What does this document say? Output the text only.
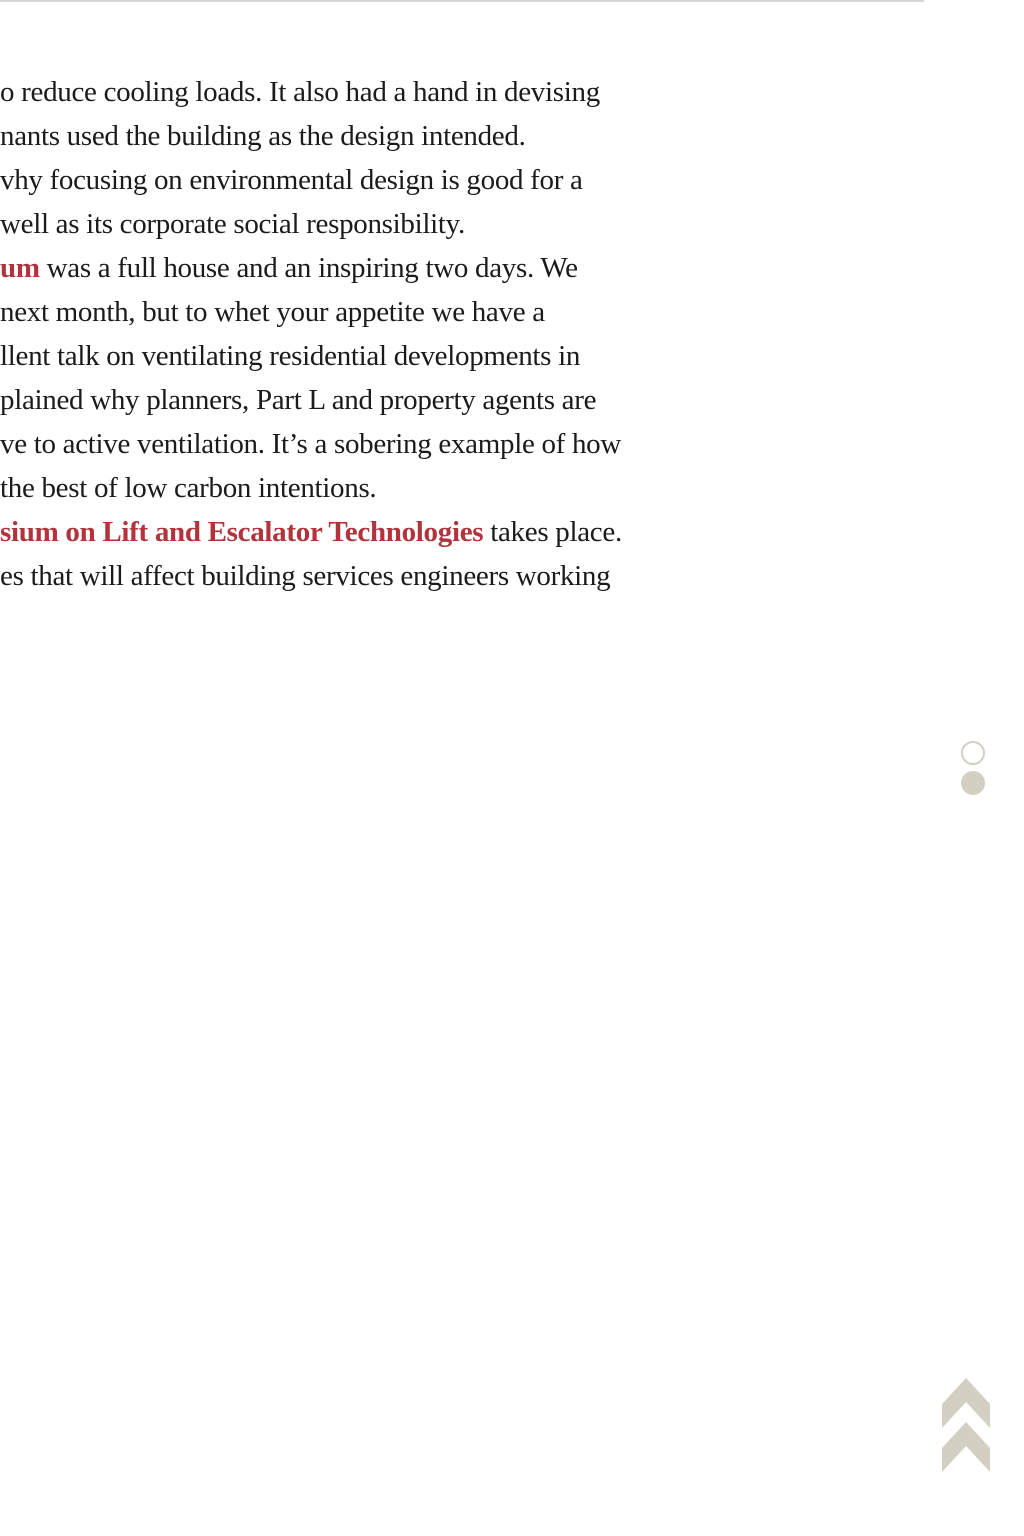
o reduce cooling loads. It also had a hand in devising
nants used the building as the design intended.
vhy focusing on environmental design is good for a
well as its corporate social responsibility.
um was a full house and an inspiring two days. We
next month, but to whet your appetite we have a
llent talk on ventilating residential developments in
plained why planners, Part L and property agents are
ve to active ventilation. It’s a sobering example of how
the best of low carbon intentions.
sium on Lift and Escalator Technologies takes place.
es that will affect building services engineers working
